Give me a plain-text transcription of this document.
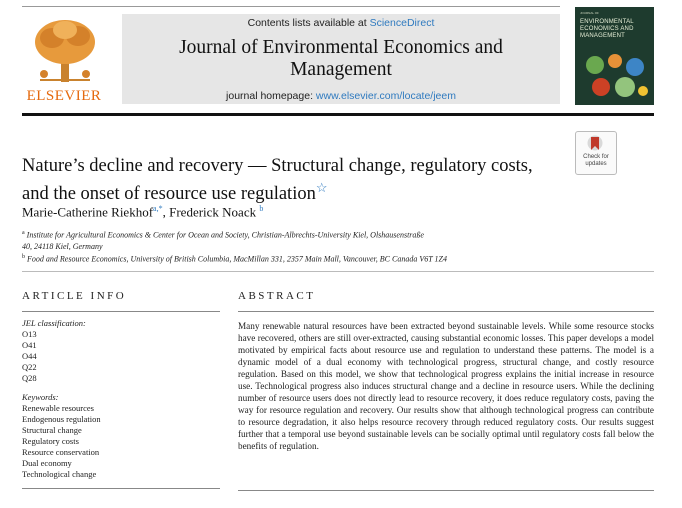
ELSEVIER
Contents lists available at ScienceDirect
Journal of Environmental Economics and Management
journal homepage: www.elsevier.com/locate/jeem
JOURNAL OF
ENVIRONMENTAL ECONOMICS AND MANAGEMENT
Check for
updates
Nature’s decline and recovery — Structural change, regulatory costs, and the onset of resource use regulation☆
Marie-Catherine Riekhof$^{a,*}$, Frederick Noack $^b$
$^a$ Institute for Agricultural Economics & Center for Ocean and Society, Christian-Albrechts-University Kiel, Olshausenstraße
40, 24118 Kiel, Germany
$^b$ Food and Resource Economics, University of British Columbia, MacMillan 331, 2357 Main Mall, Vancouver, BC Canada V6T 1Z4
ARTICLE INFO
JEL classification:
O13
O41
O44
Q22
Q28
Keywords:
Renewable resources
Endogenous regulation
Structural change
Regulatory costs
Resource conservation
Dual economy
Technological change
ABSTRACT
Many renewable natural resources have been extracted beyond sustainable levels. While some resource stocks have recovered, others are still over-extracted, causing substantial economic losses. This paper develops a model motivated by empirical facts about resource use and regulation to understand these patterns. The model is a dynamic model of a dual economy with technological progress, structural change, and costly resource regulation. Based on this model, we show that technological progress explains the initial increase in resource use. Technological progress also induces structural change and a decline in resource users. While the declining number of resource users does not directly lead to resource recovery, it does reduce regulatory costs, paving the way for resource regulation and recovery. Our results show that although technological progress can contribute to resource degradation, it also helps resource recovery through reduced regulatory costs. Our results suggest further that a temporal use beyond sustainable levels can be socially optimal until regulatory costs fall below the benefits of regulation.
